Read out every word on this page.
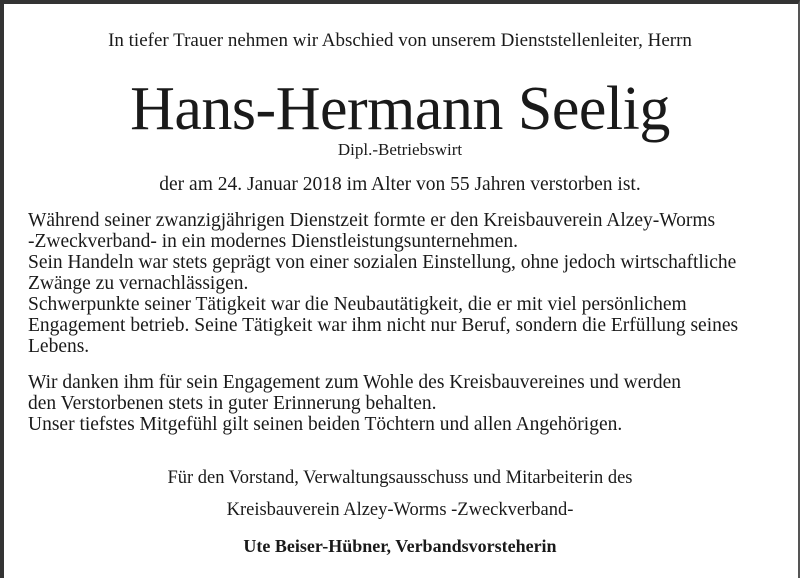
In tiefer Trauer nehmen wir Abschied von unserem Dienststellenleiter, Herrn
Hans-Hermann Seelig
Dipl.-Betriebswirt
der am 24. Januar 2018 im Alter von 55 Jahren verstorben ist.
Während seiner zwanzigjährigen Dienstzeit formte er den Kreisbauverein Alzey-Worms
-Zweckverband- in ein modernes Dienstleistungsunternehmen.
Sein Handeln war stets geprägt von einer sozialen Einstellung, ohne jedoch wirtschaftliche
Zwänge zu vernachlässigen.
Schwerpunkte seiner Tätigkeit war die Neubautätigkeit, die er mit viel persönlichem
Engagement betrieb. Seine Tätigkeit war ihm nicht nur Beruf, sondern die Erfüllung seines
Lebens.
Wir danken ihm für sein Engagement zum Wohle des Kreisbauvereines und werden
den Verstorbenen stets in guter Erinnerung behalten.
Unser tiefstes Mitgefühl gilt seinen beiden Töchtern und allen Angehörigen.
Für den Vorstand, Verwaltungsausschuss und Mitarbeiterin des
Kreisbauverein Alzey-Worms -Zweckverband-
Ute Beiser-Hübner, Verbandsvorsteherin
